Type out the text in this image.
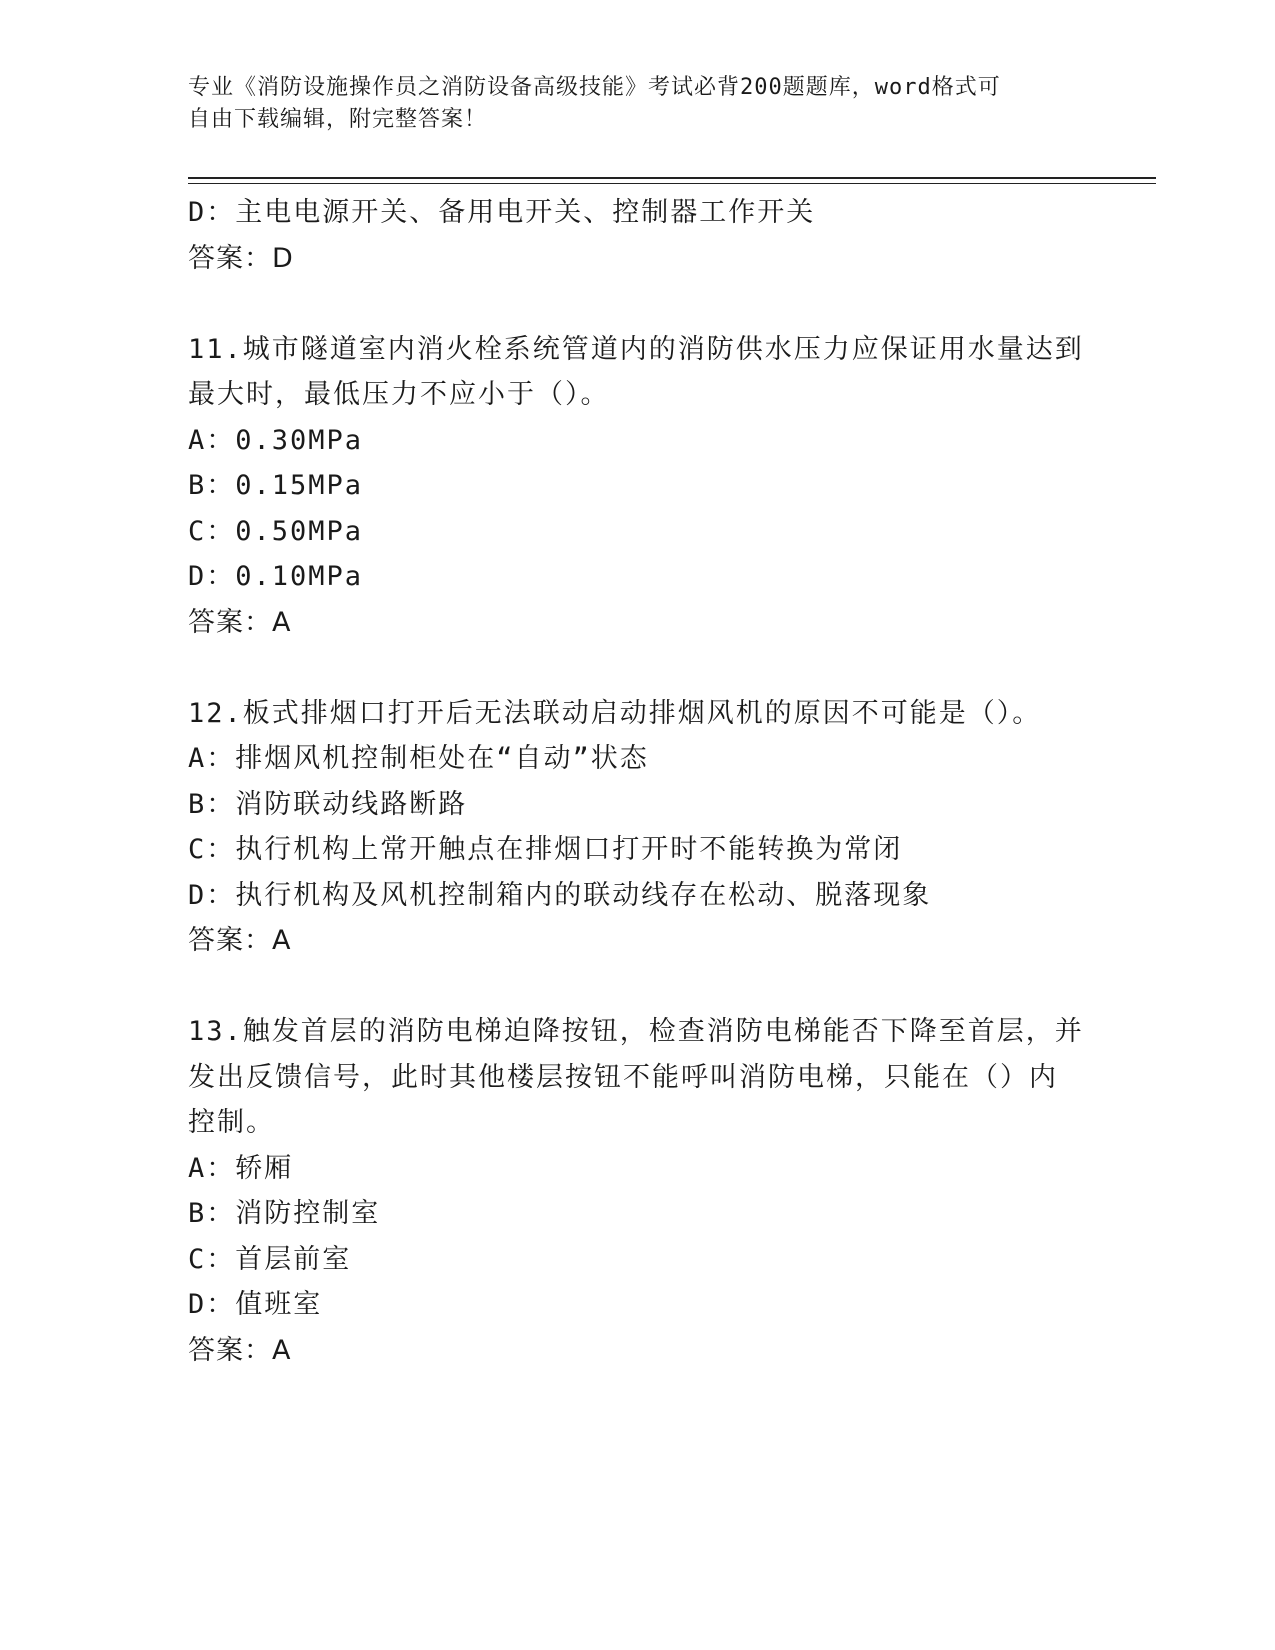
专业《消防设施操作员之消防设备高级技能》考试必背200题题库，word格式可
自由下载编辑，附完整答案！
D：主电电源开关、备用电开关、控制器工作开关
答案：D
11.城市隧道室内消火栓系统管道内的消防供水压力应保证用水量达到
最大时，最低压力不应小于（）。
A：0.30MPa
B：0.15MPa
C：0.50MPa
D：0.10MPa
答案：A
12.板式排烟口打开后无法联动启动排烟风机的原因不可能是（）。
A：排烟风机控制柜处在“自动”状态
B：消防联动线路断路
C：执行机构上常开触点在排烟口打开时不能转换为常闭
D：执行机构及风机控制箱内的联动线存在松动、脱落现象
答案：A
13.触发首层的消防电梯迫降按钮，检查消防电梯能否下降至首层，并
发出反馈信号，此时其他楼层按钮不能呼叫消防电梯，只能在（）内
控制。
A：轿厢
B：消防控制室
C：首层前室
D：值班室
答案：A
